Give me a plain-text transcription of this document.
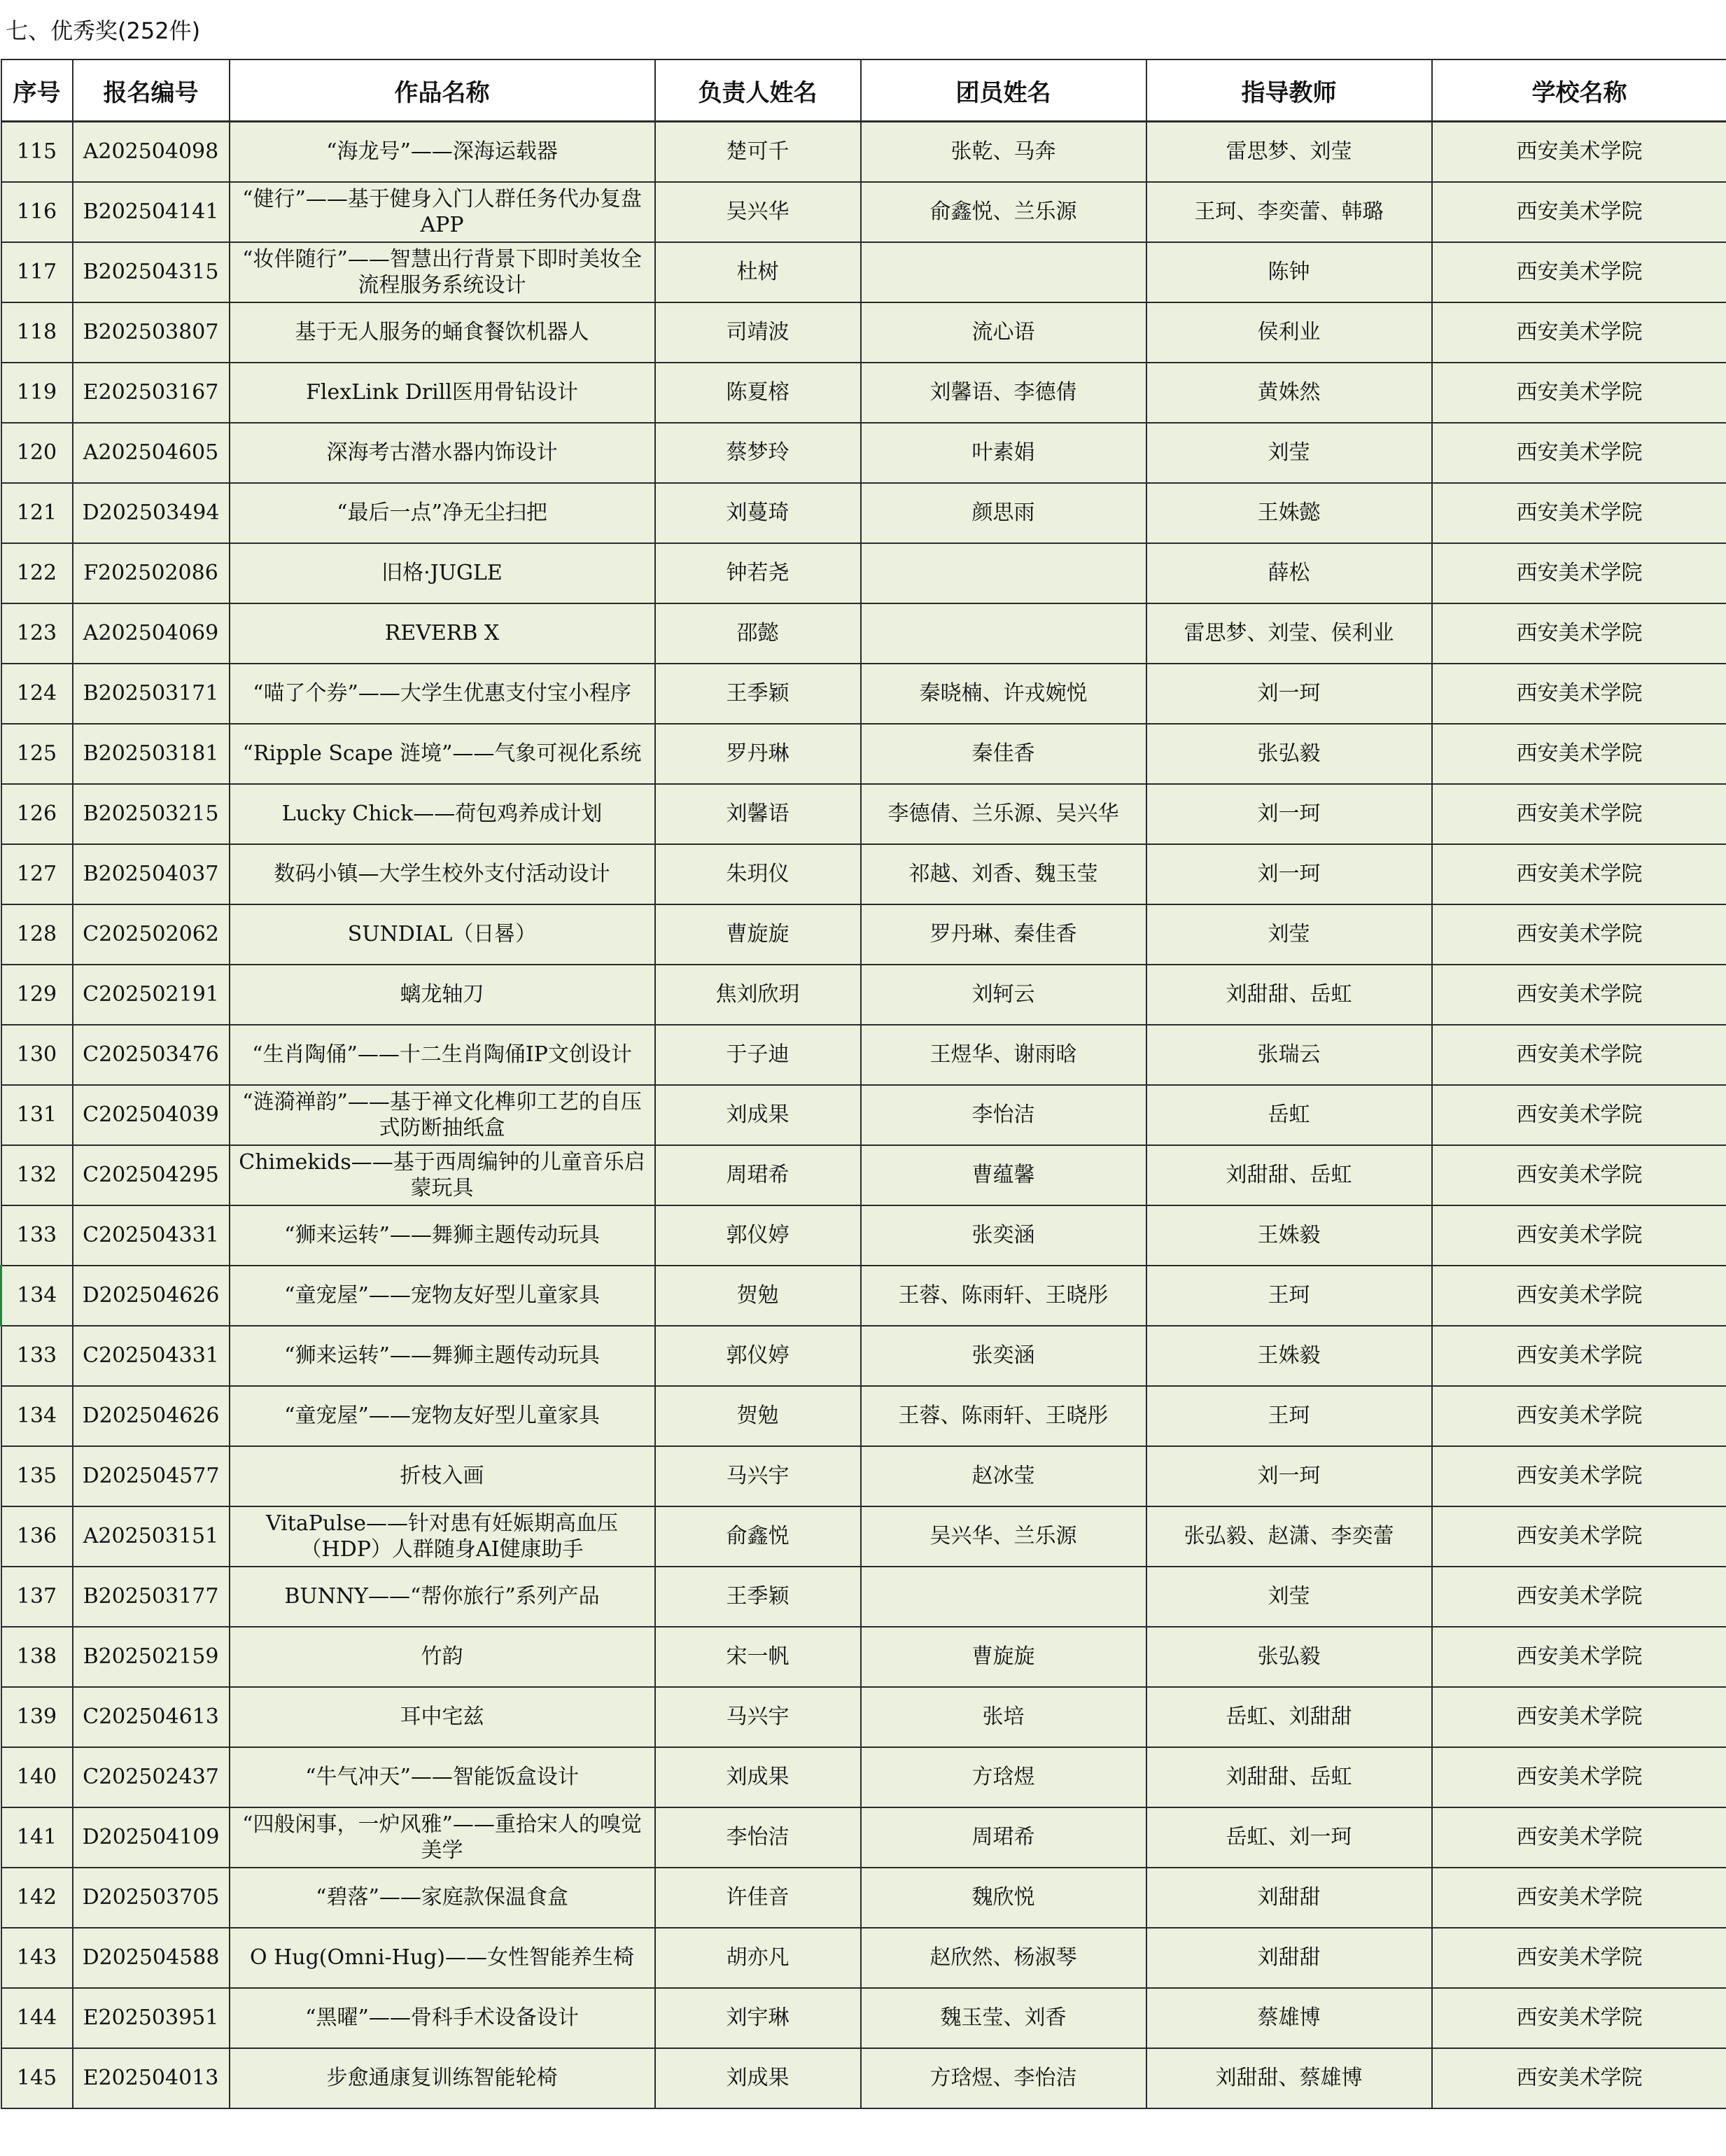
七、优秀奖(252件)
序号	报名编号	作品名称	负责人姓名	团员姓名	指导教师	学校名称
115	A202504098	“海龙号”——深海运载器	楚可千	张乾、马奔	雷思梦、刘莹	西安美术学院
116	B202504141	“健行”——基于健身入门人群任务代办复盘APP	吴兴华	俞鑫悦、兰乐源	王珂、李奕蕾、韩璐	西安美术学院
117	B202504315	“妆伴随行”——智慧出行背景下即时美妆全流程服务系统设计	杜树		陈钟	西安美术学院
118	B202503807	基于无人服务的蛹食餐饮机器人	司靖波	流心语	侯利业	西安美术学院
119	E202503167	FlexLink Drill医用骨钻设计	陈夏榕	刘馨语、李德倩	黄姝然	西安美术学院
120	A202504605	深海考古潜水器内饰设计	蔡梦玲	叶素娟	刘莹	西安美术学院
121	D202503494	“最后一点”净无尘扫把	刘蔓琦	颜思雨	王姝懿	西安美术学院
122	F202502086	旧格·JUGLE	钟若尧		薛松	西安美术学院
123	A202504069	REVERB X	邵懿		雷思梦、刘莹、侯利业	西安美术学院
124	B202503171	“喵了个券”——大学生优惠支付宝小程序	王季颖	秦晓楠、许戎婉悦	刘一珂	西安美术学院
125	B202503181	“Ripple Scape 涟境”——气象可视化系统	罗丹琳	秦佳香	张弘毅	西安美术学院
126	B202503215	Lucky Chick——荷包鸡养成计划	刘馨语	李德倩、兰乐源、吴兴华	刘一珂	西安美术学院
127	B202504037	数码小镇—大学生校外支付活动设计	朱玥仪	祁越、刘香、魏玉莹	刘一珂	西安美术学院
128	C202502062	SUNDIAL（日晷）	曹旋旋	罗丹琳、秦佳香	刘莹	西安美术学院
129	C202502191	螭龙轴刀	焦刘欣玥	刘轲云	刘甜甜、岳虹	西安美术学院
130	C202503476	“生肖陶俑”——十二生肖陶俑IP文创设计	于子迪	王煜华、谢雨晗	张瑞云	西安美术学院
131	C202504039	“涟漪禅韵”——基于禅文化榫卯工艺的自压式防断抽纸盒	刘成果	李怡洁	岳虹	西安美术学院
132	C202504295	Chimekids——基于西周编钟的儿童音乐启蒙玩具	周珺希	曹蕴馨	刘甜甜、岳虹	西安美术学院
133	C202504331	“狮来运转”——舞狮主题传动玩具	郭仪婷	张奕涵	王姝毅	西安美术学院
134	D202504626	“童宠屋”——宠物友好型儿童家具	贺勉	王蓉、陈雨轩、王晓彤	王珂	西安美术学院
133	C202504331	“狮来运转”——舞狮主题传动玩具	郭仪婷	张奕涵	王姝毅	西安美术学院
134	D202504626	“童宠屋”——宠物友好型儿童家具	贺勉	王蓉、陈雨轩、王晓彤	王珂	西安美术学院
135	D202504577	折枝入画	马兴宇	赵冰莹	刘一珂	西安美术学院
136	A202503151	VitaPulse——针对患有妊娠期高血压（HDP）人群随身AI健康助手	俞鑫悦	吴兴华、兰乐源	张弘毅、赵潇、李奕蕾	西安美术学院
137	B202503177	BUNNY——“帮你旅行”系列产品	王季颖		刘莹	西安美术学院
138	B202502159	竹韵	宋一帆	曹旋旋	张弘毅	西安美术学院
139	C202504613	耳中宅兹	马兴宇	张培	岳虹、刘甜甜	西安美术学院
140	C202502437	“牛气冲天”——智能饭盒设计	刘成果	方琀煜	刘甜甜、岳虹	西安美术学院
141	D202504109	“四般闲事，一炉风雅”——重拾宋人的嗅觉美学	李怡洁	周珺希	岳虹、刘一珂	西安美术学院
142	D202503705	“碧落”——家庭款保温食盒	许佳音	魏欣悦	刘甜甜	西安美术学院
143	D202504588	O Hug(Omni-Hug)——女性智能养生椅	胡亦凡	赵欣然、杨淑琴	刘甜甜	西安美术学院
144	E202503951	“黑曜”——骨科手术设备设计	刘宇琳	魏玉莹、刘香	蔡雄博	西安美术学院
145	E202504013	步愈通康复训练智能轮椅	刘成果	方琀煜、李怡洁	刘甜甜、蔡雄博	西安美术学院
